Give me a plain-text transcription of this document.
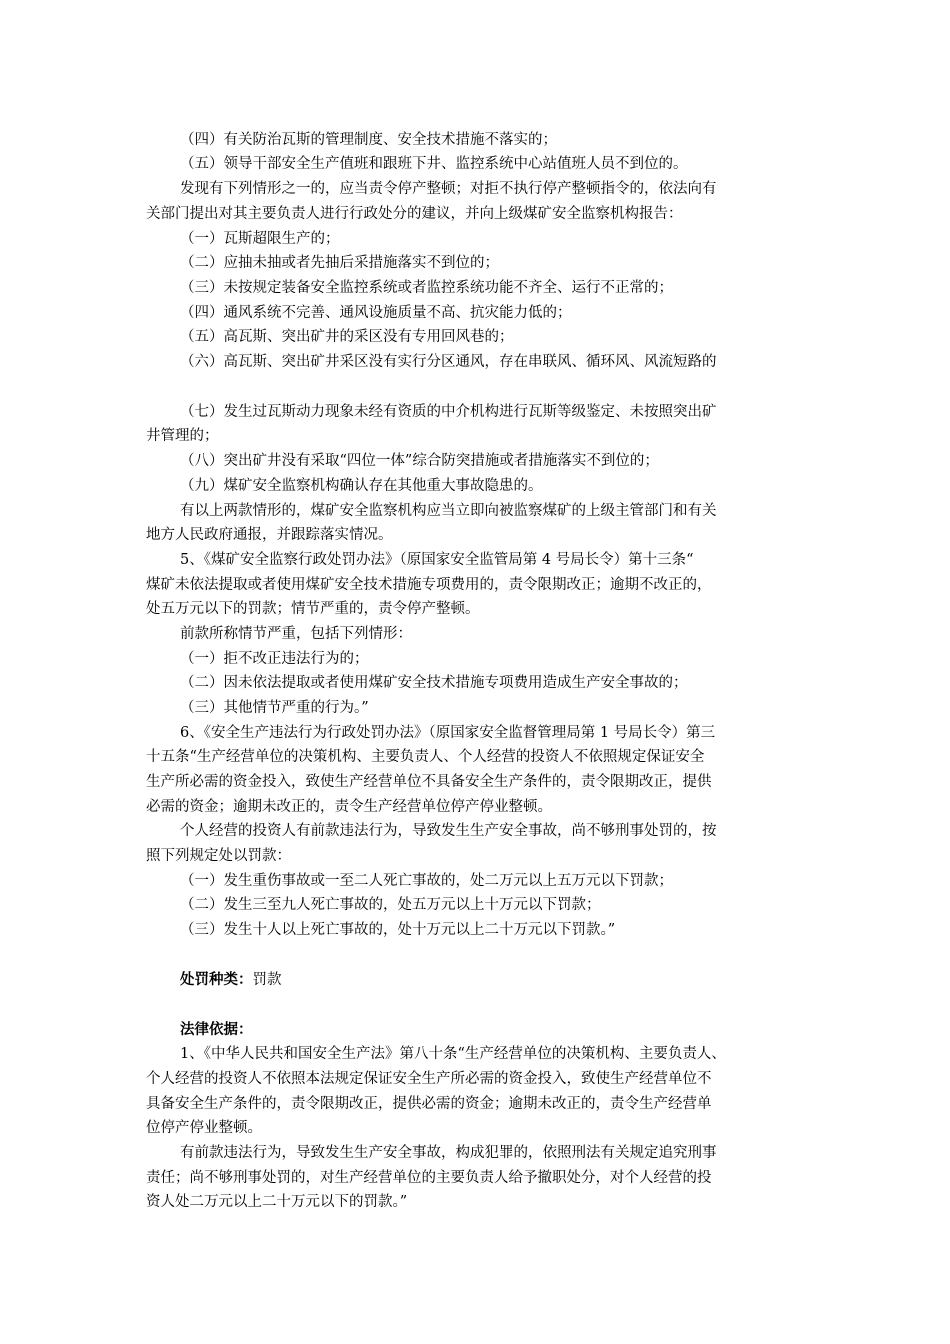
（四）有关防治瓦斯的管理制度、安全技术措施不落实的；
（五）领导干部安全生产值班和跟班下井、监控系统中心站值班人员不到位的。
发现有下列情形之一的，应当责令停产整顿；对拒不执行停产整顿指令的，依法向有
关部门提出对其主要负责人进行行政处分的建议，并向上级煤矿安全监察机构报告：
（一）瓦斯超限生产的；
（二）应抽未抽或者先抽后采措施落实不到位的；
（三）未按规定装备安全监控系统或者监控系统功能不齐全、运行不正常的；
（四）通风系统不完善、通风设施质量不高、抗灾能力低的；
（五）高瓦斯、突出矿井的采区没有专用回风巷的；
（六）高瓦斯、突出矿井采区没有实行分区通风，存在串联风、循环风、风流短路的
（七）发生过瓦斯动力现象未经有资质的中介机构进行瓦斯等级鉴定、未按照突出矿
井管理的；
（八）突出矿井没有采取“四位一体”综合防突措施或者措施落实不到位的；
（九）煤矿安全监察机构确认存在其他重大事故隐患的。
有以上两款情形的，煤矿安全监察机构应当立即向被监察煤矿的上级主管部门和有关
地方人民政府通报，并跟踪落实情况。
5、《煤矿安全监察行政处罚办法》（原国家安全监管局第 4 号局长令）第十三条“
煤矿未依法提取或者使用煤矿安全技术措施专项费用的，责令限期改正；逾期不改正的，
处五万元以下的罚款；情节严重的，责令停产整顿。
前款所称情节严重，包括下列情形：
（一）拒不改正违法行为的；
（二）因未依法提取或者使用煤矿安全技术措施专项费用造成生产安全事故的；
（三）其他情节严重的行为。”
6、《安全生产违法行为行政处罚办法》（原国家安全监督管理局第 1 号局长令）第三
十五条“生产经营单位的决策机构、主要负责人、个人经营的投资人不依照规定保证安全
生产所必需的资金投入，致使生产经营单位不具备安全生产条件的，责令限期改正，提供
必需的资金；逾期未改正的，责令生产经营单位停产停业整顿。
个人经营的投资人有前款违法行为，导致发生生产安全事故，尚不够刑事处罚的，按
照下列规定处以罚款：
（一）发生重伤事故或一至二人死亡事故的，处二万元以上五万元以下罚款；
（二）发生三至九人死亡事故的，处五万元以上十万元以下罚款；
（三）发生十人以上死亡事故的，处十万元以上二十万元以下罚款。”
处罚种类：罚款
法律依据：
1、《中华人民共和国安全生产法》第八十条“生产经营单位的决策机构、主要负责人、
个人经营的投资人不依照本法规定保证安全生产所必需的资金投入，致使生产经营单位不
具备安全生产条件的，责令限期改正，提供必需的资金；逾期未改正的，责令生产经营单
位停产停业整顿。
有前款违法行为，导致发生生产安全事故，构成犯罪的，依照刑法有关规定追究刑事
责任；尚不够刑事处罚的，对生产经营单位的主要负责人给予撤职处分，对个人经营的投
资人处二万元以上二十万元以下的罚款。”
